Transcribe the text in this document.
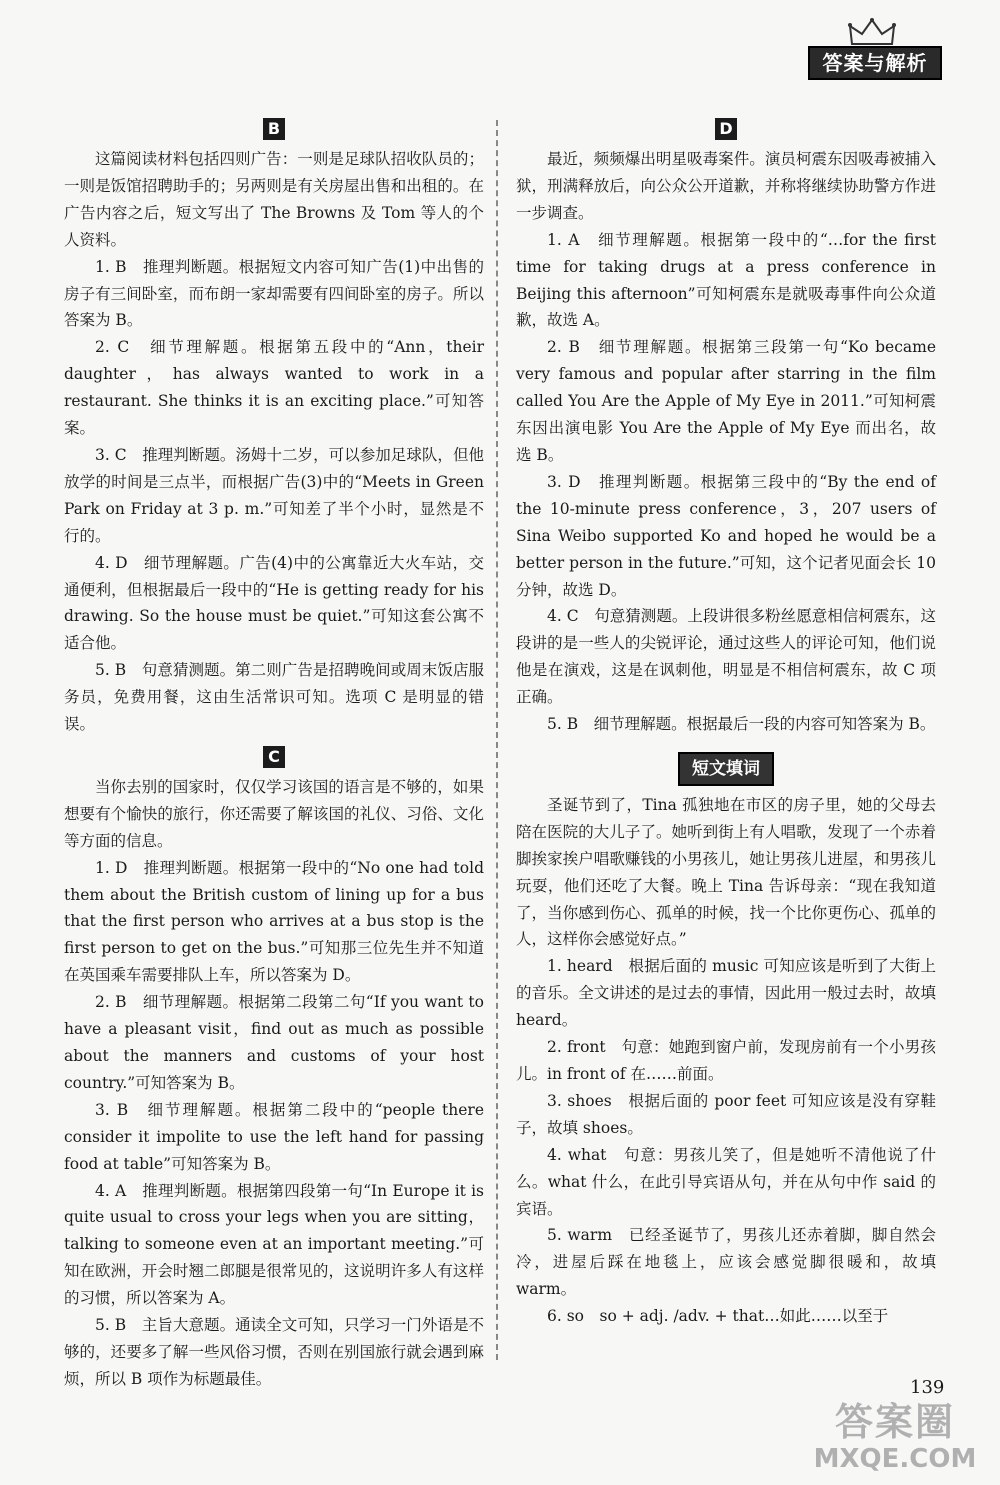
答案与解析
B

这篇阅读材料包括四则广告：一则是足球队招收队员的；一则是饭馆招聘助手的；另两则是有关房屋出售和出租的。在广告内容之后，短文写出了 The Browns 及 Tom 等人的个人资料。

1. B　推理判断题。根据短文内容可知广告(1)中出售的房子有三间卧室，而布朗一家却需要有四间卧室的房子。所以答案为 B。

2. C　细节理解题。根据第五段中的“Ann，their daughter，has always wanted to work in a restaurant. She thinks it is an exciting place.”可知答案。

3. C　推理判断题。汤姆十二岁，可以参加足球队，但他放学的时间是三点半，而根据广告(3)中的“Meets in Green Park on Friday at 3 p. m.”可知差了半个小时，显然是不行的。

4. D　细节理解题。广告(4)中的公寓靠近大火车站，交通便利，但根据最后一段中的“He is getting ready for his drawing. So the house must be quiet.”可知这套公寓不适合他。

5. B　句意猜测题。第二则广告是招聘晚间或周末饭店服务员，免费用餐，这由生活常识可知。选项 C 是明显的错误。

C

当你去别的国家时，仅仅学习该国的语言是不够的，如果想要有个愉快的旅行，你还需要了解该国的礼仪、习俗、文化等方面的信息。

1. D　推理判断题。根据第一段中的“No one had told them about the British custom of lining up for a bus that the first person who arrives at a bus stop is the first person to get on the bus.”可知那三位先生并不知道在英国乘车需要排队上车，所以答案为 D。

2. B　细节理解题。根据第二段第二句“If you want to have a pleasant visit，find out as much as possible about the manners and customs of your host country.”可知答案为 B。

3. B　细节理解题。根据第二段中的“people there consider it impolite to use the left hand for passing food at table”可知答案为 B。

4. A　推理判断题。根据第四段第一句“In Europe it is quite usual to cross your legs when you are sitting，talking to someone even at an important meeting.”可知在欧洲，开会时翘二郎腿是很常见的，这说明许多人有这样的习惯，所以答案为 A。

5. B　主旨大意题。通读全文可知，只学习一门外语是不够的，还要多了解一些风俗习惯，否则在别国旅行就会遇到麻烦，所以 B 项作为标题最佳。

D

最近，频频爆出明星吸毒案件。演员柯震东因吸毒被捕入狱，刑满释放后，向公众公开道歉，并称将继续协助警方作进一步调查。

1. A　细节理解题。根据第一段中的“…for the first time for taking drugs at a press conference in Beijing this afternoon”可知柯震东是就吸毒事件向公众道歉，故选 A。

2. B　细节理解题。根据第三段第一句“Ko became very famous and popular after starring in the film called You Are the Apple of My Eye in 2011.”可知柯震东因出演电影 You Are the Apple of My Eye 而出名，故选 B。

3. D　推理判断题。根据第三段中的“By the end of the 10-minute press conference，3，207 users of Sina Weibo supported Ko and hoped he would be a better person in the future.”可知，这个记者见面会长 10 分钟，故选 D。

4. C　句意猜测题。上段讲很多粉丝愿意相信柯震东，这段讲的是一些人的尖锐评论，通过这些人的评论可知，他们说他是在演戏，这是在讽刺他，明显是不相信柯震东，故 C 项正确。

5. B　细节理解题。根据最后一段的内容可知答案为 B。

短文填词

圣诞节到了，Tina 孤独地在市区的房子里，她的父母去陪在医院的大儿子了。她听到街上有人唱歌，发现了一个赤着脚挨家挨户唱歌赚钱的小男孩儿，她让男孩儿进屋，和男孩儿玩耍，他们还吃了大餐。晚上 Tina 告诉母亲：“现在我知道了，当你感到伤心、孤单的时候，找一个比你更伤心、孤单的人，这样你会感觉好点。”

1. heard　根据后面的 music 可知应该是听到了大街上的音乐。全文讲述的是过去的事情，因此用一般过去时，故填 heard。

2. front　句意：她跑到窗户前，发现房前有一个小男孩儿。in front of 在……前面。

3. shoes　根据后面的 poor feet 可知应该是没有穿鞋子，故填 shoes。

4. what　句意：男孩儿笑了，但是她听不清他说了什么。what 什么，在此引导宾语从句，并在从句中作 said 的宾语。

5. warm　已经圣诞节了，男孩儿还赤着脚，脚自然会冷，进屋后踩在地毯上，应该会感觉脚很暖和，故填 warm。

6. so　so + adj. /adv. + that…如此……以至于

139
答案圈
MXQE.COM
